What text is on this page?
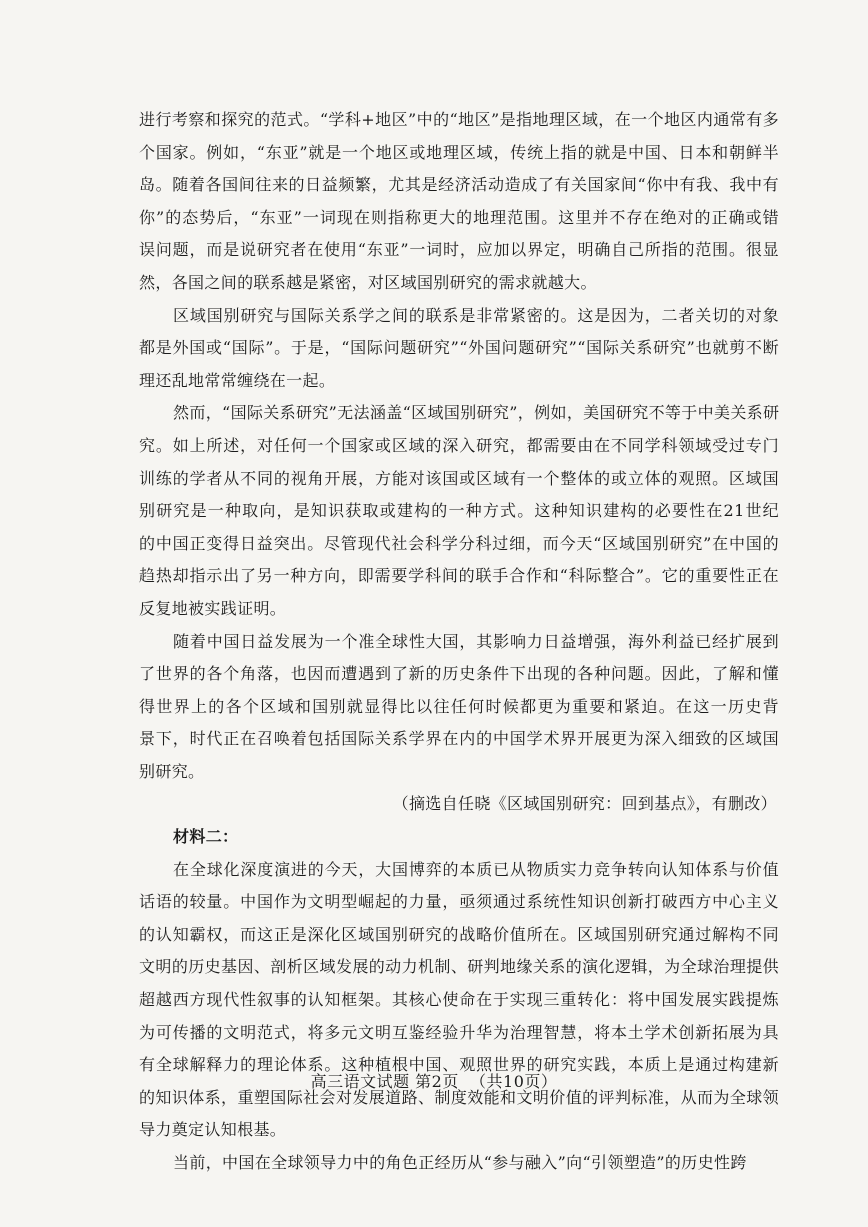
进行考察和探究的范式。“学科+地区”中的“地区”是指地理区域，在一个地区内通常有多
个国家。例如，“东亚”就是一个地区或地理区域，传统上指的就是中国、日本和朝鲜半
岛。随着各国间往来的日益频繁，尤其是经济活动造成了有关国家间“你中有我、我中有
你”的态势后，“东亚”一词现在则指称更大的地理范围。这里并不存在绝对的正确或错
误问题，而是说研究者在使用“东亚”一词时，应加以界定，明确自己所指的范围。很显
然，各国之间的联系越是紧密，对区域国别研究的需求就越大。
区域国别研究与国际关系学之间的联系是非常紧密的。这是因为，二者关切的对象
都是外国或“国际”。于是，“国际问题研究”“外国问题研究”“国际关系研究”也就剪不断
理还乱地常常缠绕在一起。
然而，“国际关系研究”无法涵盖“区域国别研究”，例如，美国研究不等于中美关系研
究。如上所述，对任何一个国家或区域的深入研究，都需要由在不同学科领域受过专门
训练的学者从不同的视角开展，方能对该国或区域有一个整体的或立体的观照。区域国
别研究是一种取向，是知识获取或建构的一种方式。这种知识建构的必要性在21世纪
的中国正变得日益突出。尽管现代社会科学分科过细，而今天“区域国别研究”在中国的
趋热却指示出了另一种方向，即需要学科间的联手合作和“科际整合”。它的重要性正在
反复地被实践证明。
随着中国日益发展为一个准全球性大国，其影响力日益增强，海外利益已经扩展到
了世界的各个角落，也因而遭遇到了新的历史条件下出现的各种问题。因此，了解和懂
得世界上的各个区域和国别就显得比以往任何时候都更为重要和紧迫。在这一历史背
景下，时代正在召唤着包括国际关系学界在内的中国学术界开展更为深入细致的区域国
别研究。
（摘选自任晓《区域国别研究：回到基点》，有删改）
材料二：
在全球化深度演进的今天，大国博弈的本质已从物质实力竞争转向认知体系与价值
话语的较量。中国作为文明型崛起的力量，亟须通过系统性知识创新打破西方中心主义
的认知霸权，而这正是深化区域国别研究的战略价值所在。区域国别研究通过解构不同
文明的历史基因、剖析区域发展的动力机制、研判地缘关系的演化逻辑，为全球治理提供
超越西方现代性叙事的认知框架。其核心使命在于实现三重转化：将中国发展实践提炼
为可传播的文明范式，将多元文明互鉴经验升华为治理智慧，将本土学术创新拓展为具
有全球解释力的理论体系。这种植根中国、观照世界的研究实践，本质上是通过构建新
的知识体系，重塑国际社会对发展道路、制度效能和文明价值的评判标准，从而为全球领
导力奠定认知根基。
当前，中国在全球领导力中的角色正经历从“参与融入”向“引领塑造”的历史性跨
高三语文试题 第2页  （共10页）
